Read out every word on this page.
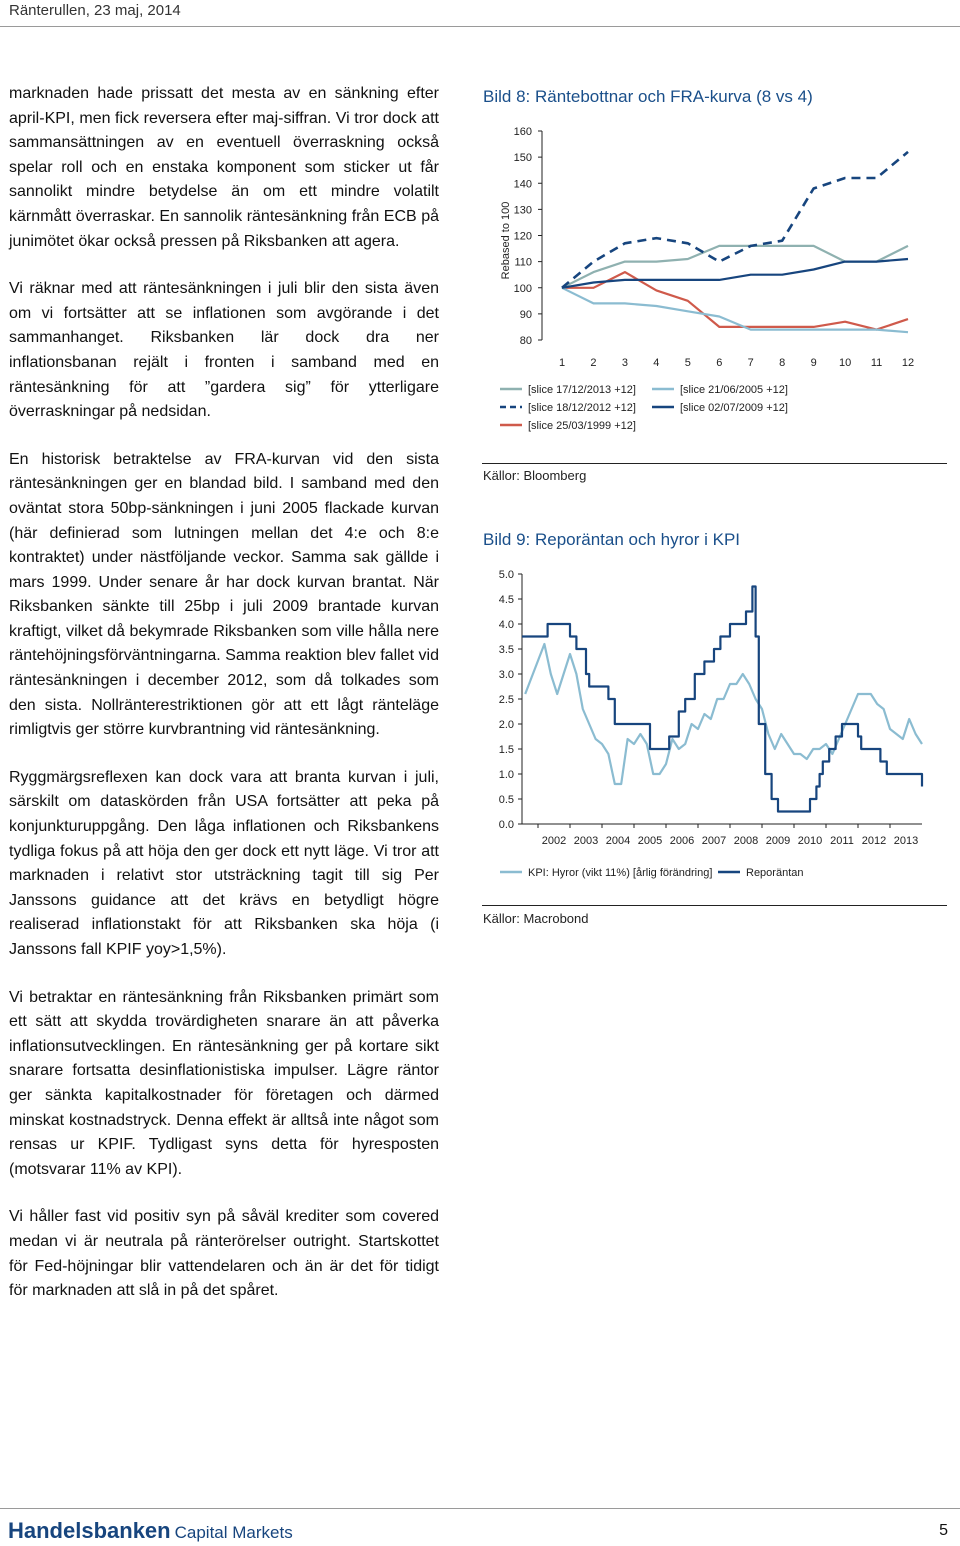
Ränterullen, 23 maj, 2014

marknaden hade prissatt det mesta av en sänkning efter april-KPI, men fick reversera efter maj-siffran. Vi tror dock att sammansättningen av en eventuell överraskning också spelar roll och en enstaka komponent som sticker ut får sannolikt mindre betydelse än om ett mindre volatilt kärnmått överraskar. En sannolik räntesänkning från ECB på junimötet ökar också pressen på Riksbanken att agera.

Vi räknar med att räntesänkningen i juli blir den sista även om vi fortsätter att se inflationen som avgörande i det sammanhanget. Riksbanken lär dock dra ner inflationsbanan rejält i fronten i samband med en räntesänkning för att ”gardera sig” för ytterligare överraskningar på nedsidan.

En historisk betraktelse av FRA-kurvan vid den sista räntesänkningen ger en blandad bild. I samband med den oväntat stora 50bp-sänkningen i juni 2005 flackade kurvan (här definierad som lutningen mellan det 4:e och 8:e kontraktet) under nästföljande veckor. Samma sak gällde i mars 1999. Under senare år har dock kurvan brantat. När Riksbanken sänkte till 25bp i juli 2009 brantade kurvan kraftigt, vilket då bekymrade Riksbanken som ville hålla nere räntehöjningsförväntningarna. Samma reaktion blev fallet vid räntesänkningen i december 2012, som då tolkades som den sista. Nollränterestriktionen gör att ett lågt ränteläge rimligtvis ger större kurvbrantning vid räntesänkning.

Ryggmärgsreflexen kan dock vara att branta kurvan i juli, särskilt om dataskörden från USA fortsätter att peka på konjunkturuppgång. Den låga inflationen och Riksbankens tydliga fokus på att höja den ger dock ett nytt läge. Vi tror att marknaden i relativt stor utsträckning tagit till sig Per Janssons guidance att det krävs en betydligt högre realiserad inflationstakt för att Riksbanken ska höja (i Janssons fall KPIF yoy>1,5%).

Vi betraktar en räntesänkning från Riksbanken primärt som ett sätt att skydda trovärdigheten snarare än att påverka inflationsutvecklingen. En räntesänkning ger på kortare sikt snarare fortsatta desinflationistiska impulser. Lägre räntor ger sänkta kapitalkostnader för företagen och därmed minskat kostnadstryck. Denna effekt är alltså inte något som rensas ur KPIF. Tydligast syns detta för hyresposten (motsvarar 11% av KPI).

Vi håller fast vid positiv syn på såväl krediter som covered medan vi är neutrala på ränterörelser outright. Startskottet för Fed-höjningar blir vattendelaren och än är det för tidigt för marknaden att slå in på det spåret.

Bild 8: Räntebottnar och FRA-kurva (8 vs 4)
80
90
100
110
120
130
140
150
160
1 2 3 4 5 6 7 8 9 10 11 12
Rebased to 100
[slice 17/12/2013 +12]
[slice 18/12/2012 +12]
[slice 25/03/1999 +12]
[slice 21/06/2005 +12]
[slice 02/07/2009 +12]
Källor: Bloomberg
Bild 9: Reporäntan och hyror i KPI
0.0
0.5
1.0
1.5
2.0
2.5
3.0
3.5
4.0
4.5
5.0
2002 2003 2004 2005 2006 2007 2008 2009 2010 2011 2012 2013
KPI: Hyror (vikt 11%) [årlig förändring]	Reporäntan
Källor: Macrobond
Handelsbanken Capital Markets	5
